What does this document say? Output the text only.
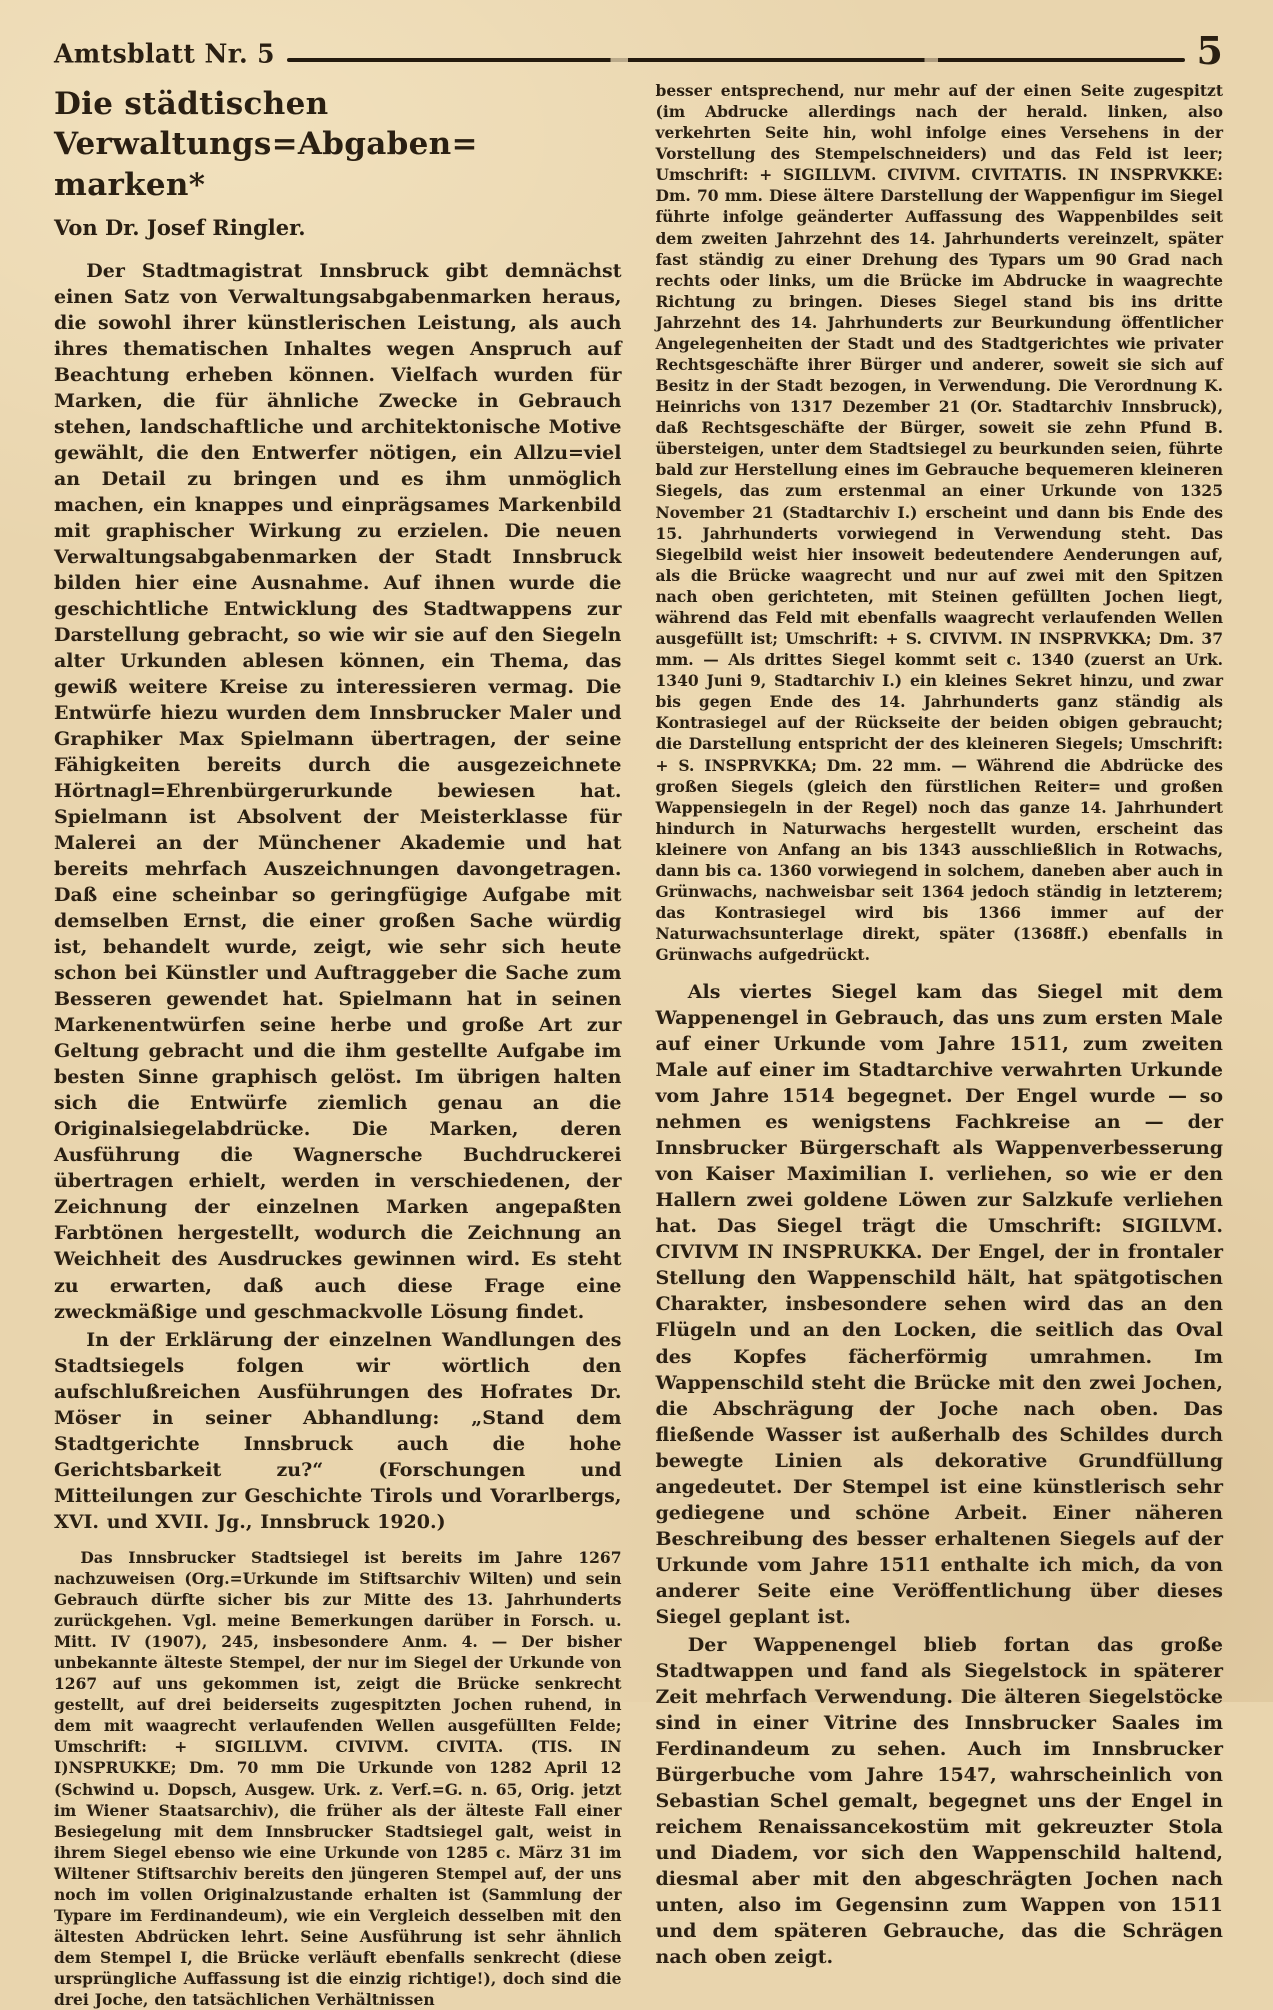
Amtsblatt Nr. 5	5
Die städtischen Verwaltungs=Abgaben=
marken*

Von Dr. Josef Ringler.

Der Stadtmagistrat Innsbruck gibt demnächst einen Satz von Verwaltungsabgabenmarken heraus, die sowohl ihrer künstlerischen Leistung, als auch ihres thematischen Inhaltes wegen Anspruch auf Beachtung erheben können. Vielfach wurden für Marken, die für ähnliche Zwecke in Gebrauch stehen, landschaftliche und architektonische Motive gewählt, die den Entwerfer nötigen, ein Allzu=viel an Detail zu bringen und es ihm unmöglich machen, ein knappes und einprägsames Markenbild mit graphischer Wirkung zu erzielen. Die neuen Verwaltungsabgabenmarken der Stadt Innsbruck bilden hier eine Ausnahme. Auf ihnen wurde die geschichtliche Entwicklung des Stadtwappens zur Darstellung gebracht, so wie wir sie auf den Siegeln alter Urkunden ablesen können, ein Thema, das gewiß weitere Kreise zu interessieren vermag. Die Entwürfe hiezu wurden dem Innsbrucker Maler und Graphiker Max Spielmann übertragen, der seine Fähigkeiten bereits durch die ausgezeichnete Hörtnagl=Ehrenbürgerurkunde bewiesen hat. Spielmann ist Absolvent der Meisterklasse für Malerei an der Münchener Akademie und hat bereits mehrfach Auszeichnungen davongetragen. Daß eine scheinbar so geringfügige Aufgabe mit demselben Ernst, die einer großen Sache würdig ist, behandelt wurde, zeigt, wie sehr sich heute schon bei Künstler und Auftraggeber die Sache zum Besseren gewendet hat. Spielmann hat in seinen Markenentwürfen seine herbe und große Art zur Geltung gebracht und die ihm gestellte Aufgabe im besten Sinne graphisch gelöst. Im übrigen halten sich die Entwürfe ziemlich genau an die Originalsiegelabdrücke. Die Marken, deren Ausführung die Wagnersche Buchdruckerei übertragen erhielt, werden in verschiedenen, der Zeichnung der einzelnen Marken angepaßten Farbtönen hergestellt, wodurch die Zeichnung an Weichheit des Ausdruckes gewinnen wird. Es steht zu erwarten, daß auch diese Frage eine zweckmäßige und geschmackvolle Lösung findet.

In der Erklärung der einzelnen Wandlungen des Stadtsiegels folgen wir wörtlich den aufschlußreichen Ausführungen des Hofrates Dr. Möser in seiner Abhandlung: „Stand dem Stadtgerichte Innsbruck auch die hohe Gerichtsbarkeit zu?“ (Forschungen und Mitteilungen zur Geschichte Tirols und Vorarlbergs, XVI. und XVII. Jg., Innsbruck 1920.)

Das Innsbrucker Stadtsiegel ist bereits im Jahre 1267 nachzuweisen (Org.=Urkunde im Stiftsarchiv Wilten) und sein Gebrauch dürfte sicher bis zur Mitte des 13. Jahrhunderts zurückgehen. Vgl. meine Bemerkungen darüber in Forsch. u. Mitt. IV (1907), 245, insbesondere Anm. 4. — Der bisher unbekannte älteste Stempel, der nur im Siegel der Urkunde von 1267 auf uns gekommen ist, zeigt die Brücke senkrecht gestellt, auf drei beiderseits zugespitzten Jochen ruhend, in dem mit waagrecht verlaufenden Wellen ausgefüllten Felde; Umschrift: + SIGILLVM. CIVIVM. CIVITA. (TIS. IN I)NSPRUKKE; Dm. 70 mm Die Urkunde von 1282 April 12 (Schwind u. Dopsch, Ausgew. Urk. z. Verf.=G. n. 65, Orig. jetzt im Wiener Staatsarchiv), die früher als der älteste Fall einer Besiegelung mit dem Innsbrucker Stadtsiegel galt, weist in ihrem Siegel ebenso wie eine Urkunde von 1285 c. März 31 im Wiltener Stiftsarchiv bereits den jüngeren Stempel auf, der uns noch im vollen Originalzustande erhalten ist (Sammlung der Typare im Ferdinandeum), wie ein Vergleich desselben mit den ältesten Abdrücken lehrt. Seine Ausführung ist sehr ähnlich dem Stempel I, die Brücke verläuft ebenfalls senkrecht (diese ursprüngliche Auffassung ist die einzig richtige!), doch sind die drei Joche, den tatsächlichen Verhältnissen

besser entsprechend, nur mehr auf der einen Seite zugespitzt (im Abdrucke allerdings nach der herald. linken, also verkehrten Seite hin, wohl infolge eines Versehens in der Vorstellung des Stempelschneiders) und das Feld ist leer; Umschrift: + SIGILLVM. CIVIVM. CIVITATIS. IN INSPRVKKE: Dm. 70 mm. Diese ältere Darstellung der Wappenfigur im Siegel führte infolge geänderter Auffassung des Wappenbildes seit dem zweiten Jahrzehnt des 14. Jahrhunderts vereinzelt, später fast ständig zu einer Drehung des Typars um 90 Grad nach rechts oder links, um die Brücke im Abdrucke in waagrechte Richtung zu bringen. Dieses Siegel stand bis ins dritte Jahrzehnt des 14. Jahrhunderts zur Beurkundung öffentlicher Angelegenheiten der Stadt und des Stadtgerichtes wie privater Rechtsgeschäfte ihrer Bürger und anderer, soweit sie sich auf Besitz in der Stadt bezogen, in Verwendung. Die Verordnung K. Heinrichs von 1317 Dezember 21 (Or. Stadtarchiv Innsbruck), daß Rechtsgeschäfte der Bürger, soweit sie zehn Pfund B. übersteigen, unter dem Stadtsiegel zu beurkunden seien, führte bald zur Herstellung eines im Gebrauche bequemeren kleineren Siegels, das zum erstenmal an einer Urkunde von 1325 November 21 (Stadtarchiv I.) erscheint und dann bis Ende des 15. Jahrhunderts vorwiegend in Verwendung steht. Das Siegelbild weist hier insoweit bedeutendere Aenderungen auf, als die Brücke waagrecht und nur auf zwei mit den Spitzen nach oben gerichteten, mit Steinen gefüllten Jochen liegt, während das Feld mit ebenfalls waagrecht verlaufenden Wellen ausgefüllt ist; Umschrift: + S. CIVIVM. IN INSPRVKKA; Dm. 37 mm. — Als drittes Siegel kommt seit c. 1340 (zuerst an Urk. 1340 Juni 9, Stadtarchiv I.) ein kleines Sekret hinzu, und zwar bis gegen Ende des 14. Jahrhunderts ganz ständig als Kontrasiegel auf der Rückseite der beiden obigen gebraucht; die Darstellung entspricht der des kleineren Siegels; Umschrift: + S. INSPRVKKA; Dm. 22 mm. — Während die Abdrücke des großen Siegels (gleich den fürstlichen Reiter= und großen Wappensiegeln in der Regel) noch das ganze 14. Jahrhundert hindurch in Naturwachs hergestellt wurden, erscheint das kleinere von Anfang an bis 1343 ausschließlich in Rotwachs, dann bis ca. 1360 vorwiegend in solchem, daneben aber auch in Grünwachs, nachweisbar seit 1364 jedoch ständig in letzterem; das Kontrasiegel wird bis 1366 immer auf der Naturwachsunterlage direkt, später (1368ff.) ebenfalls in Grünwachs aufgedrückt.

Als viertes Siegel kam das Siegel mit dem Wappenengel in Gebrauch, das uns zum ersten Male auf einer Urkunde vom Jahre 1511, zum zweiten Male auf einer im Stadtarchive verwahrten Urkunde vom Jahre 1514 begegnet. Der Engel wurde — so nehmen es wenigstens Fachkreise an — der Innsbrucker Bürgerschaft als Wappenverbesserung von Kaiser Maximilian I. verliehen, so wie er den Hallern zwei goldene Löwen zur Salzkufe verliehen hat. Das Siegel trägt die Umschrift: SIGILVM. CIVIVM IN INSPRUKKA. Der Engel, der in frontaler Stellung den Wappenschild hält, hat spätgotischen Charakter, insbesondere sehen wird das an den Flügeln und an den Locken, die seitlich das Oval des Kopfes fächerförmig umrahmen. Im Wappenschild steht die Brücke mit den zwei Jochen, die Abschrägung der Joche nach oben. Das fließende Wasser ist außerhalb des Schildes durch bewegte Linien als dekorative Grundfüllung angedeutet. Der Stempel ist eine künstlerisch sehr gediegene und schöne Arbeit. Einer näheren Beschreibung des besser erhaltenen Siegels auf der Urkunde vom Jahre 1511 enthalte ich mich, da von anderer Seite eine Veröffentlichung über dieses Siegel geplant ist.

Der Wappenengel blieb fortan das große Stadtwappen und fand als Siegelstock in späterer Zeit mehrfach Verwendung. Die älteren Siegelstöcke sind in einer Vitrine des Innsbrucker Saales im Ferdinandeum zu sehen. Auch im Innsbrucker Bürgerbuche vom Jahre 1547, wahrscheinlich von Sebastian Schel gemalt, begegnet uns der Engel in reichem Renaissancekostüm mit gekreuzter Stola und Diadem, vor sich den Wappenschild haltend, diesmal aber mit den abgeschrägten Jochen nach unten, also im Gegensinn zum Wappen von 1511 und dem späteren Gebrauche, das die Schrägen nach oben zeigt.
